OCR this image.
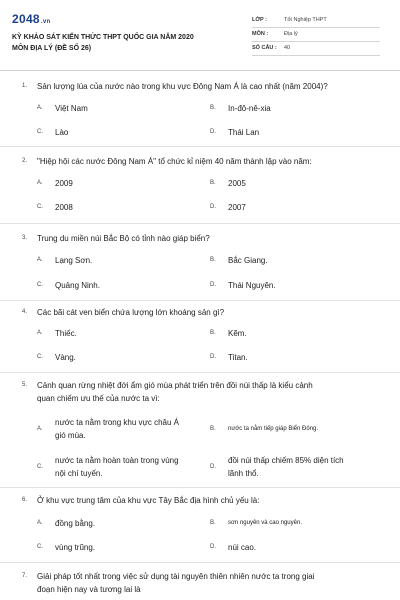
2048.vn
KỲ KHẢO SÁT KIẾN THỨC THPT QUỐC GIA NĂM 2020
MÔN ĐỊA LÝ (ĐỀ SỐ 26)
LỚP :	Tốt Nghiệp THPT
MÔN :	Địa lý
SỐ CÂU : 40
1. Sản lượng lúa của nước nào trong khu vực Đông Nam Á là cao nhất (năm 2004)?
A. Việt Nam	B. In-đô-nê-xia
C. Lào	D. Thái Lan
2. "Hiệp hội các nước Đông Nam Á" tổ chức kỉ niệm 40 năm thành lập vào năm:
A. 2009	B. 2005
C. 2008	D. 2007
3. Trung du miền núi Bắc Bộ có tỉnh nào giáp biển?
A. Lạng Sơn.	B. Bắc Giang.
C. Quảng Ninh.	D. Thái Nguyên.
4. Các bãi cát ven biển chứa lượng lớn khoáng sản gì?
A. Thiếc.	B. Kẽm.
C. Vàng.	D. Titan.
5. Cảnh quan rừng nhiệt đới ẩm gió mùa phát triển trên đồi núi thấp là kiểu cảnh
quan chiếm ưu thế của nước ta vì:
A.
nước ta nằm trong khu vực châu Á
gió mùa.
B. nước ta nằm tiếp giáp Biển Đông.
C.
nước ta nằm hoàn toàn trong vùng
nội chí tuyến.
D.
đồi núi thấp chiếm 85% diện tích
lãnh thổ.
6. Ở khu vực trung tâm của khu vực Tây Bắc địa hình chủ yếu là:
A. đồng bằng.	B. sơn nguyên và cao nguyên.
C. vùng trũng.	D. núi cao.
7. Giải pháp tốt nhất trong việc sử dụng tài nguyên thiên nhiên nước ta trong giai
đoạn hiện nay và tương lai là
